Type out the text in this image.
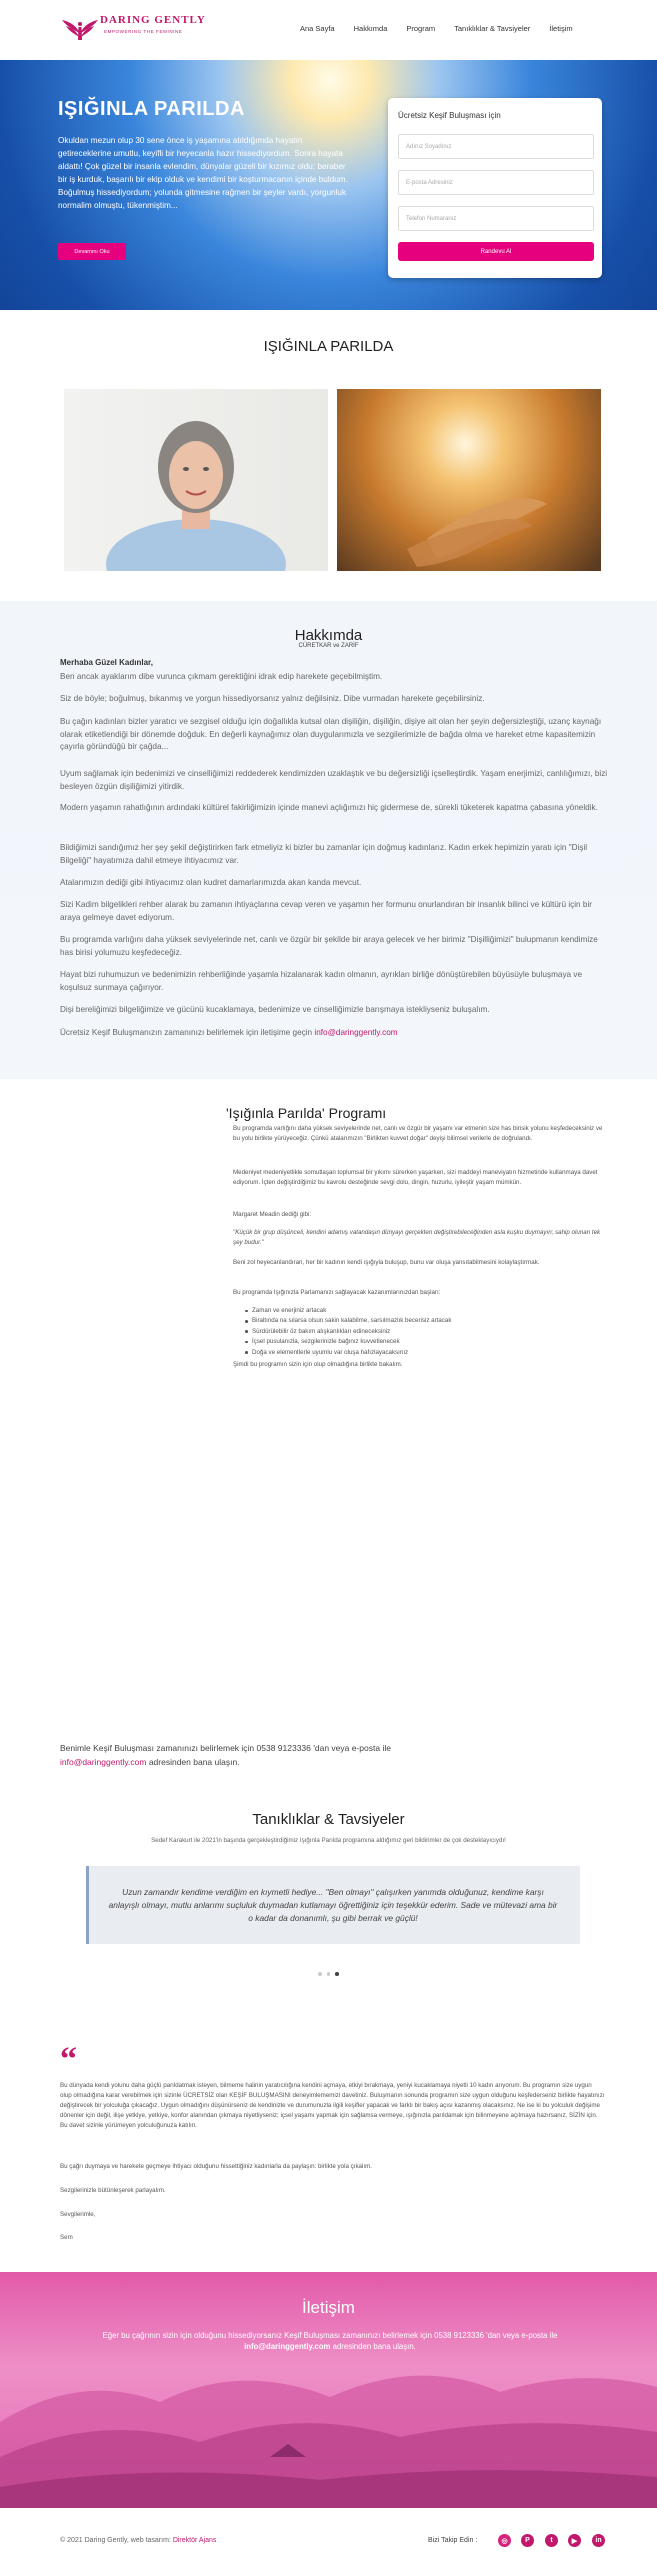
DARING GENTLY
EMPOWERING THE FEMININE	Ana Sayfa	Hakkımda	Program	Tanıklıklar & Tavsiyeler	İletişim
IŞIĞINLA PARILDA
Okuldan mezun olup 30 sene önce iş yaşamına atıldığımda hayatın getireceklerine umutlu, keyifli bir heyecanla hazır hissediyordum. Sonra hayata aldattı! Çok güzel bir insanla evlendim, dünyalar güzeli bir kızımız oldu; beraber bir iş kurduk, başarılı bir ekip olduk ve kendimi bir koşturmacanın içinde buldum. Boğulmuş hissediyordum; yolunda gitmesine rağmen bir şeyler vardı, yorgunluk normalim olmuştu, tükenmiştim...
Devamını Oku
Ücretsiz Keşif Buluşması için
Adınız Soyadınız
E-posta Adresiniz
Telefon Numaranız
Randevu Al
IŞIĞINLA PARILDA
Hakkımda
CÜRETKAR ve ZARİF
Merhaba Güzel Kadınlar,
Ben ancak ayaklarım dibe vurunca çıkmam gerektiğini idrak edip harekete geçebilmiştim.
Siz de böyle; boğulmuş, bıkanmış ve yorgun hissediyorsanız yalnız değilsiniz. Dibe vurmadan harekete geçebilirsiniz.
Bu çağın kadınları bizler yaratıcı ve sezgisel olduğu için doğallıkla kutsal olan dişiliğin, dişiliğin, dişiye ait olan her şeyin değersizleştiği, uzanç kaynağı olarak etiketlendiği bir dönemde doğduk. En değerli kaynağımız olan duygularımızla ve sezgilerimizle de bağda olma ve hareket etme kapasitemizin çayırla göründüğü bir çağda...
Uyum sağlamak için bedenimizi ve cinselliğimizi reddederek kendimizden uzaklaştık ve bu değersizliği içselleştirdik. Yaşam enerjimizi, canlılığımızı, bizi besleyen özgün dişiliğimizi yitirdik.
Modern yaşamın rahatlığının ardındaki kültürel fakirliğimizin içinde manevi açlığımızı hiç gidermese de, sürekli tüketerek kapatma çabasına yöneldik.
Bildiğimizi sandığımız her şey şekil değiştirirken fark etmeliyiz ki bizler bu zamanlar için doğmuş kadınlarız. Kadın erkek hepimizin yaratı için "Dişil Bilgeliği" hayatımıza dahil etmeye ihtiyacımız var.
Atalarımızın dediği gibi ihtiyacımız olan kudret damarlarımızda akan kanda mevcut.
Sizi Kadim bilgelikleri rehber alarak bu zamanın ihtiyaçlarına cevap veren ve yaşamın her formunu onurlandıran bir insanlık bilinci ve kültürü için bir araya gelmeye davet ediyorum.
Bu programda varlığını daha yüksek seviyelerinde net, canlı ve özgür bir şekilde bir araya gelecek ve her birimiz "Dişilliğimizi" bulupmanın kendimize has birisi yolumuzu keşfedeceğiz.
Hayat bizi ruhumuzun ve bedenimizin rehberliğinde yaşamla hizalanarak kadın olmanın, ayrıkları birliğe dönüştürebilen büyüsüyle buluşmaya ve koşulsuz sunmaya çağırıyor.
Dişi bereliğimizi bilgeliğimize ve gücünü kucaklamaya, bedenimize ve cinselliğimizle barışmaya istekliyseniz buluşalım.
Ücretsiz Keşif Buluşmanızın zamanınızı belirlemek için iletişime geçin info@daringgently.com
'Işığınla Parılda' Programı
Bu programda varlığını daha yüksek seviyelerinde net, canlı ve özgür bir yaşamı var etmenin size has birisik yolunu keşfedeceksiniz ve bu yolu birlikte yürüyeceğiz. Çünkü atalarımızın "Birlikten kuvvet doğar" deyişi bilimsel verilerle de doğrulandı.
Medeniyet medeniyetlikle somutlaşan toplumsal bir yıkımı sürerken yaşarken, sizi maddeyi maneviyatın hizmetinde kullanmaya davet ediyorum. İçten değiştirdiğimiz bu kavrolu desteğinde sevgi dolu, dingin, huzurlu, iyileştir yaşam mümkün.
Margaret Meadin dediği gibi:
"Küçük bir grup düşünceli, kendini adamış vatandaşın dünyayı gerçekten değiştirebileceğinden asla kuşku duymayın; sahip olunan tek şey budur."
Beni zol heyecanlandıran, her bir kadının kendi ışığıyla buluşup, bunu var oluşa yansıtabilmesini kolaylaştırmak.
Bu programda Işığınızla Parlamanızı sağlayacak kazanımlarınızdan başları:
Zaman ve enerjiniz artacak
Biraltında na sılarsa olsun sakin kalabilme, sarsılmazlık becerisiz artacak
Sürdürülebilir öz bakım alışkanlıkları edineceksiniz
İçsel pusulanızla, sezgilerinizle bağınız kuvvetlenecek
Doğa ve elementlerle uyumlu var oluşa hafızlayacaksınız
Şimdi bu programın sizin için olup olmadığına birlikte bakalım.
Benimle Keşif Buluşması zamanınızı belirlemek için 0538 9123336 'dan veya e-posta ile
info@daringgently.com adresinden bana ulaşın.
Tanıklıklar & Tavsiyeler
Sedef Karakurt ile 2021'in başında gerçekleştirdiğimiz Işığınla Parılda programına aldığımız geri bildirimler de çok desteklayıcıydı!
Uzun zamandır kendime verdiğim en kıymetli hediye... "Ben olmayı" çalışırken yanımda olduğunuz, kendime karşı anlayışlı olmayı, mutlu anlarımı suçluluk duymadan kutlamayı öğrettiğiniz için teşekkür ederim. Sade ve mütevazi ama bir o kadar da donanımlı, şu gibi berrak ve güçlü!
“
Bu dünyada kendi yolunu daha güçlü parıldatmak isteyen, bilmeme halinin yaratıcılığına kendini açmaya, etkiyi bırakmaya, yeniyi kucaklamaya niyetli 10 kadın arıyorum. Bu programın size uygun olup olmadığına karar verebilmek için sizinle ÜCRETSİZ olan KEŞİF BULUŞMASINI deneyimlememizi davetiniz. Buluşmanın sonunda programın size uygun olduğunu keşfederseniz birlikte hayatınızı değiştirecek bir yolculuğa çıkacağız. Uygun olmadığını düşünürseniz de kendinizle ve durumunuzla ilgili keşifler yapacak ve farklı bir bakış açısı kazanmış olacaksınız. Ne ise ki bu yolculuk değişime dönenler için değil, ilişe yetkiye, yetkiye, konfor alanından çıkmaya niyetliyseniz; içsel yaşamı yapmak için sağlamsa vermeye, ışığınızla parıldamak için bilinmeyene açılmaya hazırsanız, SİZİN için. Bu davet sizinle yürümeyen yolculuğunuza katılın.
Bu çağrı duymaya ve harekete geçmeye ihtiyacı olduğunu hissettiğiniz kadınlarla da paylaşın: birlikte yola çıkalım.
Sezgilerinizle bütünleşerek parlayalım.
Sevgilerimle,
Sem
İletişim
Eğer bu çağrının sizin için olduğunu hissediyorsanız Keşif Buluşması zamanınızı belirlemek için 0538 9123336 'dan veya e-posta ile
info@daringgently.com adresinden bana ulaşın.
© 2021 Daring Gently, web tasarım: Direktör Ajans	Bizi Takip Edin :	◎	P	t	▶	in
